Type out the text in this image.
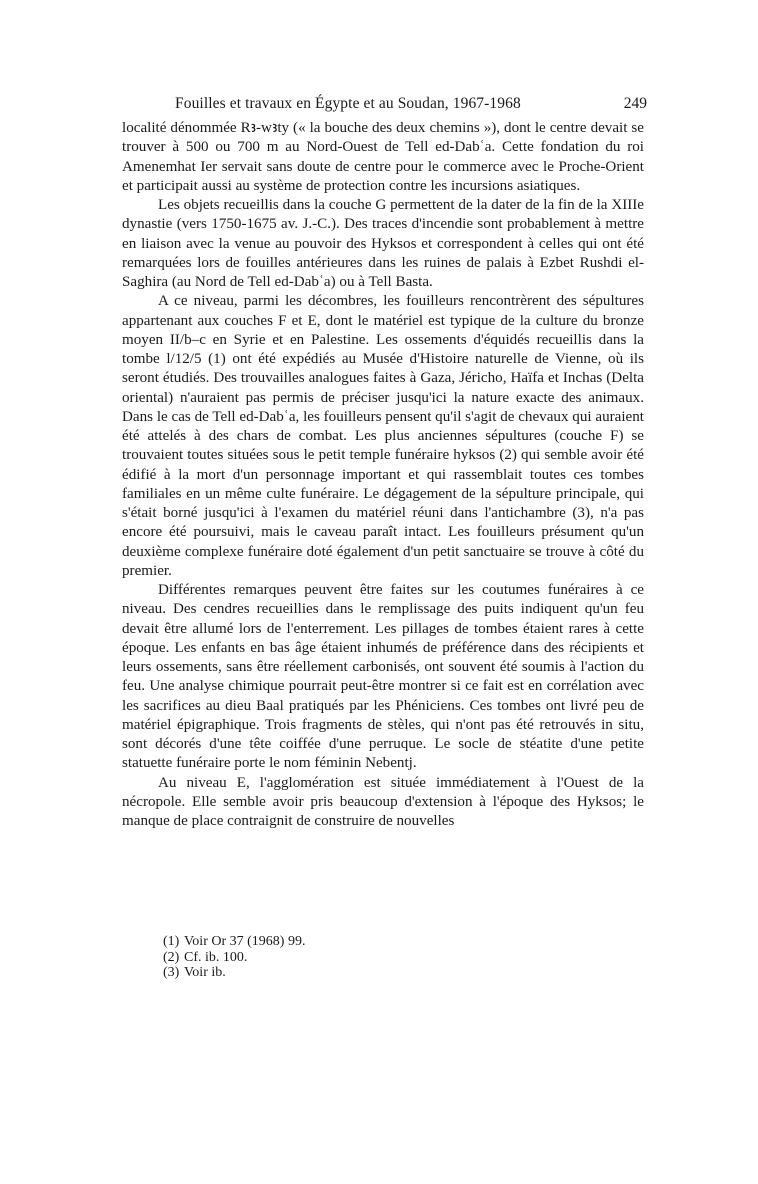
Fouilles et travaux en Égypte et au Soudan, 1967-1968	249

localité dénommée Rꜣ-wꜣty (« la bouche des deux chemins »), dont le centre devait se trouver à 500 ou 700 m au Nord-Ouest de Tell ed-Dabʿa. Cette fondation du roi Amenemhat Ier servait sans doute de centre pour le commerce avec le Proche-Orient et participait aussi au système de protection contre les incursions asiatiques.

Les objets recueillis dans la couche G permettent de la dater de la fin de la XIIIe dynastie (vers 1750-1675 av. J.-C.). Des traces d'incendie sont probablement à mettre en liaison avec la venue au pouvoir des Hyksos et correspondent à celles qui ont été remarquées lors de fouilles antérieures dans les ruines de palais à Ezbet Rushdi el-Saghira (au Nord de Tell ed-Dabʿa) ou à Tell Basta.

A ce niveau, parmi les décombres, les fouilleurs rencontrèrent des sépultures appartenant aux couches F et E, dont le matériel est typique de la culture du bronze moyen II/b–c en Syrie et en Palestine. Les ossements d'équidés recueillis dans la tombe l/12/5 (1) ont été expédiés au Musée d'Histoire naturelle de Vienne, où ils seront étudiés. Des trouvailles analogues faites à Gaza, Jéricho, Haïfa et Inchas (Delta oriental) n'auraient pas permis de préciser jusqu'ici la nature exacte des animaux. Dans le cas de Tell ed-Dabʿa, les fouilleurs pensent qu'il s'agit de chevaux qui auraient été attelés à des chars de combat. Les plus anciennes sépultures (couche F) se trouvaient toutes situées sous le petit temple funéraire hyksos (2) qui semble avoir été édifié à la mort d'un personnage important et qui rassemblait toutes ces tombes familiales en un même culte funéraire. Le dégagement de la sépulture principale, qui s'était borné jusqu'ici à l'examen du matériel réuni dans l'antichambre (3), n'a pas encore été poursuivi, mais le caveau paraît intact. Les fouilleurs présument qu'un deuxième complexe funéraire doté également d'un petit sanctuaire se trouve à côté du premier.

Différentes remarques peuvent être faites sur les coutumes funéraires à ce niveau. Des cendres recueillies dans le remplissage des puits indiquent qu'un feu devait être allumé lors de l'enterrement. Les pillages de tombes étaient rares à cette époque. Les enfants en bas âge étaient inhumés de préférence dans des récipients et leurs ossements, sans être réellement carbonisés, ont souvent été soumis à l'action du feu. Une analyse chimique pourrait peut-être montrer si ce fait est en corrélation avec les sacrifices au dieu Baal pratiqués par les Phéniciens. Ces tombes ont livré peu de matériel épigraphique. Trois fragments de stèles, qui n'ont pas été retrouvés in situ, sont décorés d'une tête coiffée d'une perruque. Le socle de stéatite d'une petite statuette funéraire porte le nom féminin Nebentj.

Au niveau E, l'agglomération est située immédiatement à l'Ouest de la nécropole. Elle semble avoir pris beaucoup d'extension à l'époque des Hyksos; le manque de place contraignit de construire de nouvelles

(1) Voir Or 37 (1968) 99.
(2) Cf. ib. 100.
(3) Voir ib.
